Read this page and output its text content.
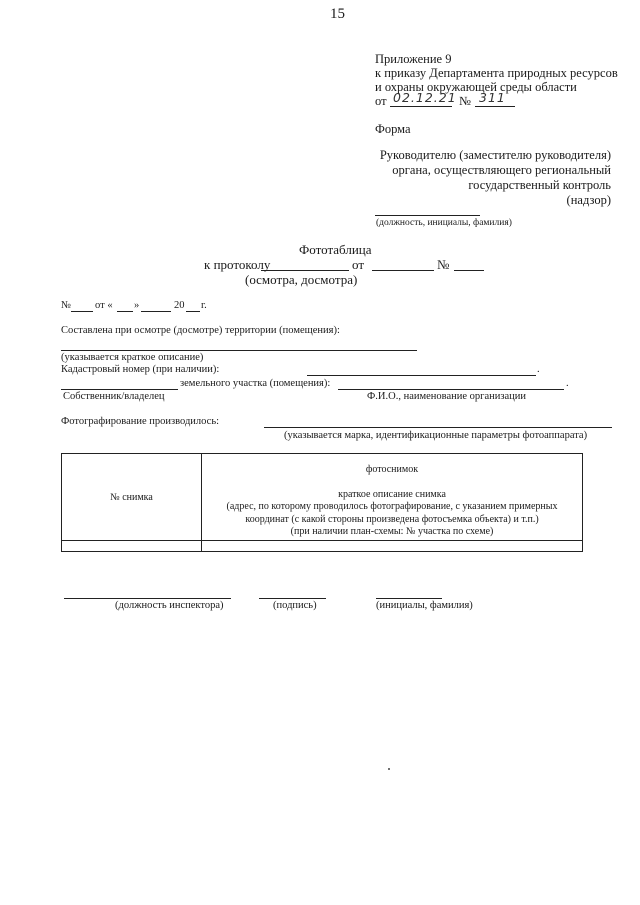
15
Приложение 9
к приказу Департамента природных ресурсов
и охраны окружающей среды области
от 02.12.21 № 311
Форма
Руководителю (заместителю руководителя)
органа, осуществляющего региональный
государственный контроль
(надзор)
(должность, инициалы, фамилия)
Фототаблица
к протоколу	от	№
(осмотра, досмотра)
№ от « »	20 г.
Составлена при осмотре (досмотре) территории (помещения):
(указывается краткое описание)
Кадастровый номер (при наличии):	.
земельного участка (помещения):	.
Собственник/владелец	Ф.И.О., наименование организации
Фотографирование производилось:
(указывается марка, идентификационные параметры фотоаппарата)
№ снимка	фотоснимок
краткое описание снимка
(адрес, по которому проводилось фотографирование, с указанием примерных
координат (с какой стороны произведена фотосъемка объекта) и т.п.)
(при наличии план-схемы: № участка по схеме)

(должность инспектора)	(подпись)	(инициалы, фамилия)
